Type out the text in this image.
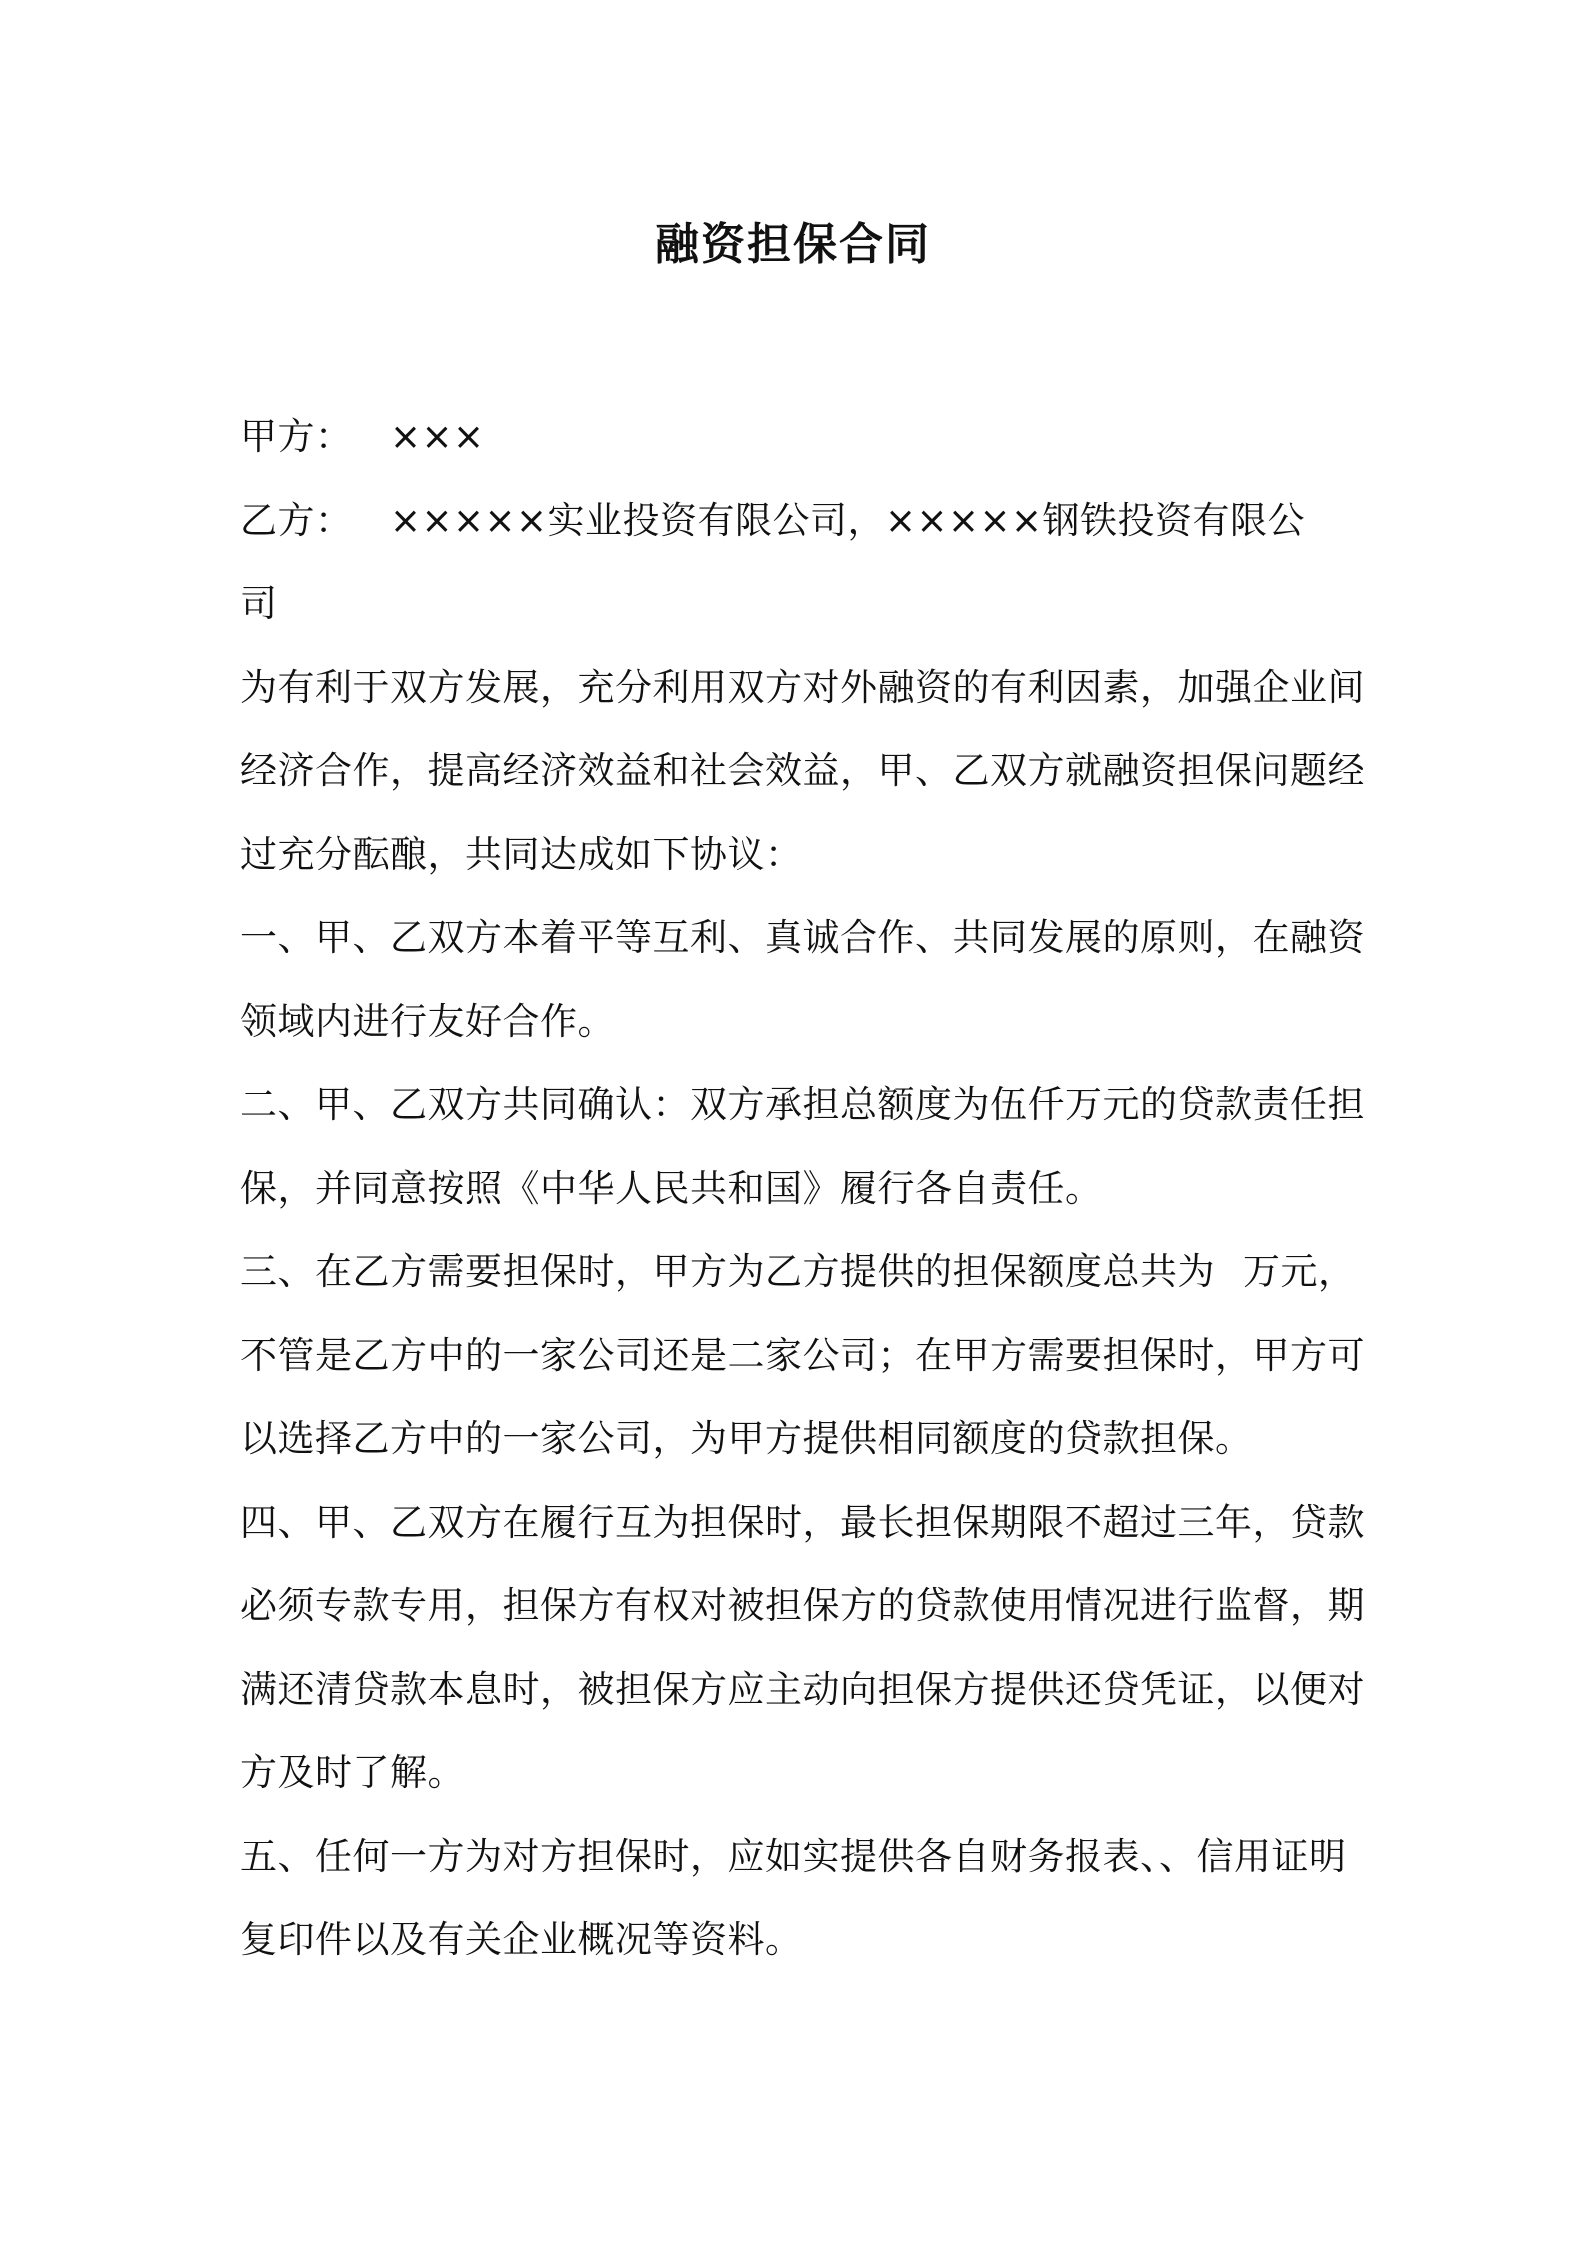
融资担保合同
甲方： ×××
乙方： ×××××实业投资有限公司，×××××钢铁投资有限公
司
为有利于双方发展，充分利用双方对外融资的有利因素，加强企业间
经济合作，提高经济效益和社会效益，甲、乙双方就融资担保问题经
过充分酝酿，共同达成如下协议：
一、甲、乙双方本着平等互利、真诚合作、共同发展的原则，在融资
领域内进行友好合作。
二、甲、乙双方共同确认：双方承担总额度为伍仟万元的贷款责任担
保，并同意按照《中华人民共和国》履行各自责任。
三、在乙方需要担保时，甲方为乙方提供的担保额度总共为 万元，
不管是乙方中的一家公司还是二家公司；在甲方需要担保时，甲方可
以选择乙方中的一家公司，为甲方提供相同额度的贷款担保。
四、甲、乙双方在履行互为担保时，最长担保期限不超过三年，贷款
必须专款专用，担保方有权对被担保方的贷款使用情况进行监督，期
满还清贷款本息时，被担保方应主动向担保方提供还贷凭证，以便对
方及时了解。
五、任何一方为对方担保时，应如实提供各自财务报表、、信用证明
复印件以及有关企业概况等资料。
